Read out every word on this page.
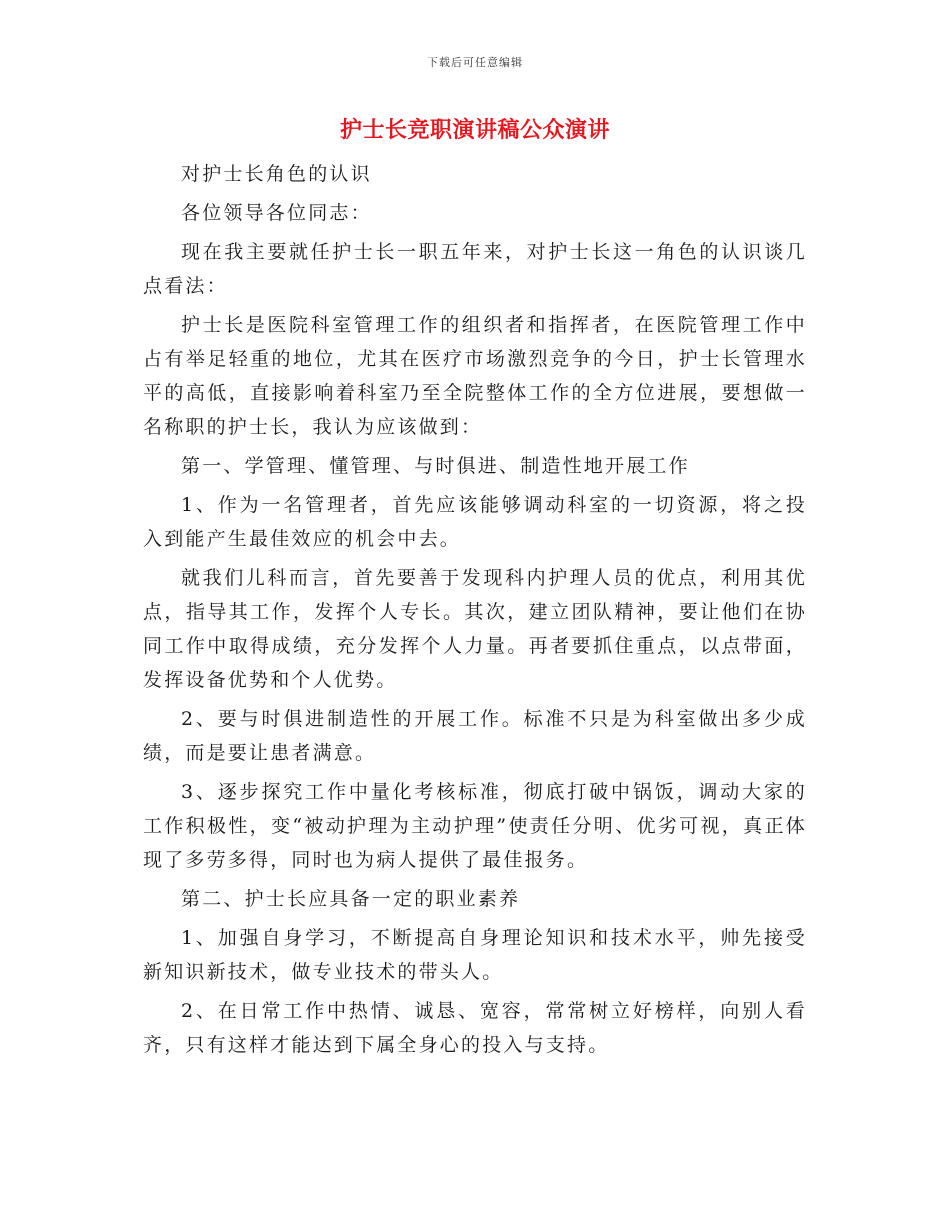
下载后可任意编辑
护士长竞职演讲稿公众演讲

对护士长角色的认识

各位领导各位同志：

现在我主要就任护士长一职五年来，对护士长这一角色的认识谈几点看法：

护士长是医院科室管理工作的组织者和指挥者，在医院管理工作中占有举足轻重的地位，尤其在医疗市场激烈竞争的今日，护士长管理水平的高低，直接影响着科室乃至全院整体工作的全方位进展，要想做一名称职的护士长，我认为应该做到：

第一、学管理、懂管理、与时俱进、制造性地开展工作

1、作为一名管理者，首先应该能够调动科室的一切资源，将之投入到能产生最佳效应的机会中去。

就我们儿科而言，首先要善于发现科内护理人员的优点，利用其优点，指导其工作，发挥个人专长。其次，建立团队精神，要让他们在协同工作中取得成绩，充分发挥个人力量。再者要抓住重点，以点带面，发挥设备优势和个人优势。

2、要与时俱进制造性的开展工作。标准不只是为科室做出多少成绩，而是要让患者满意。

3、逐步探究工作中量化考核标准，彻底打破中锅饭，调动大家的工作积极性，变“被动护理为主动护理”使责任分明、优劣可视，真正体现了多劳多得，同时也为病人提供了最佳报务。

第二、护士长应具备一定的职业素养

1、加强自身学习，不断提高自身理论知识和技术水平，帅先接受新知识新技术，做专业技术的带头人。

2、在日常工作中热情、诚恳、宽容，常常树立好榜样，向别人看齐，只有这样才能达到下属全身心的投入与支持。
